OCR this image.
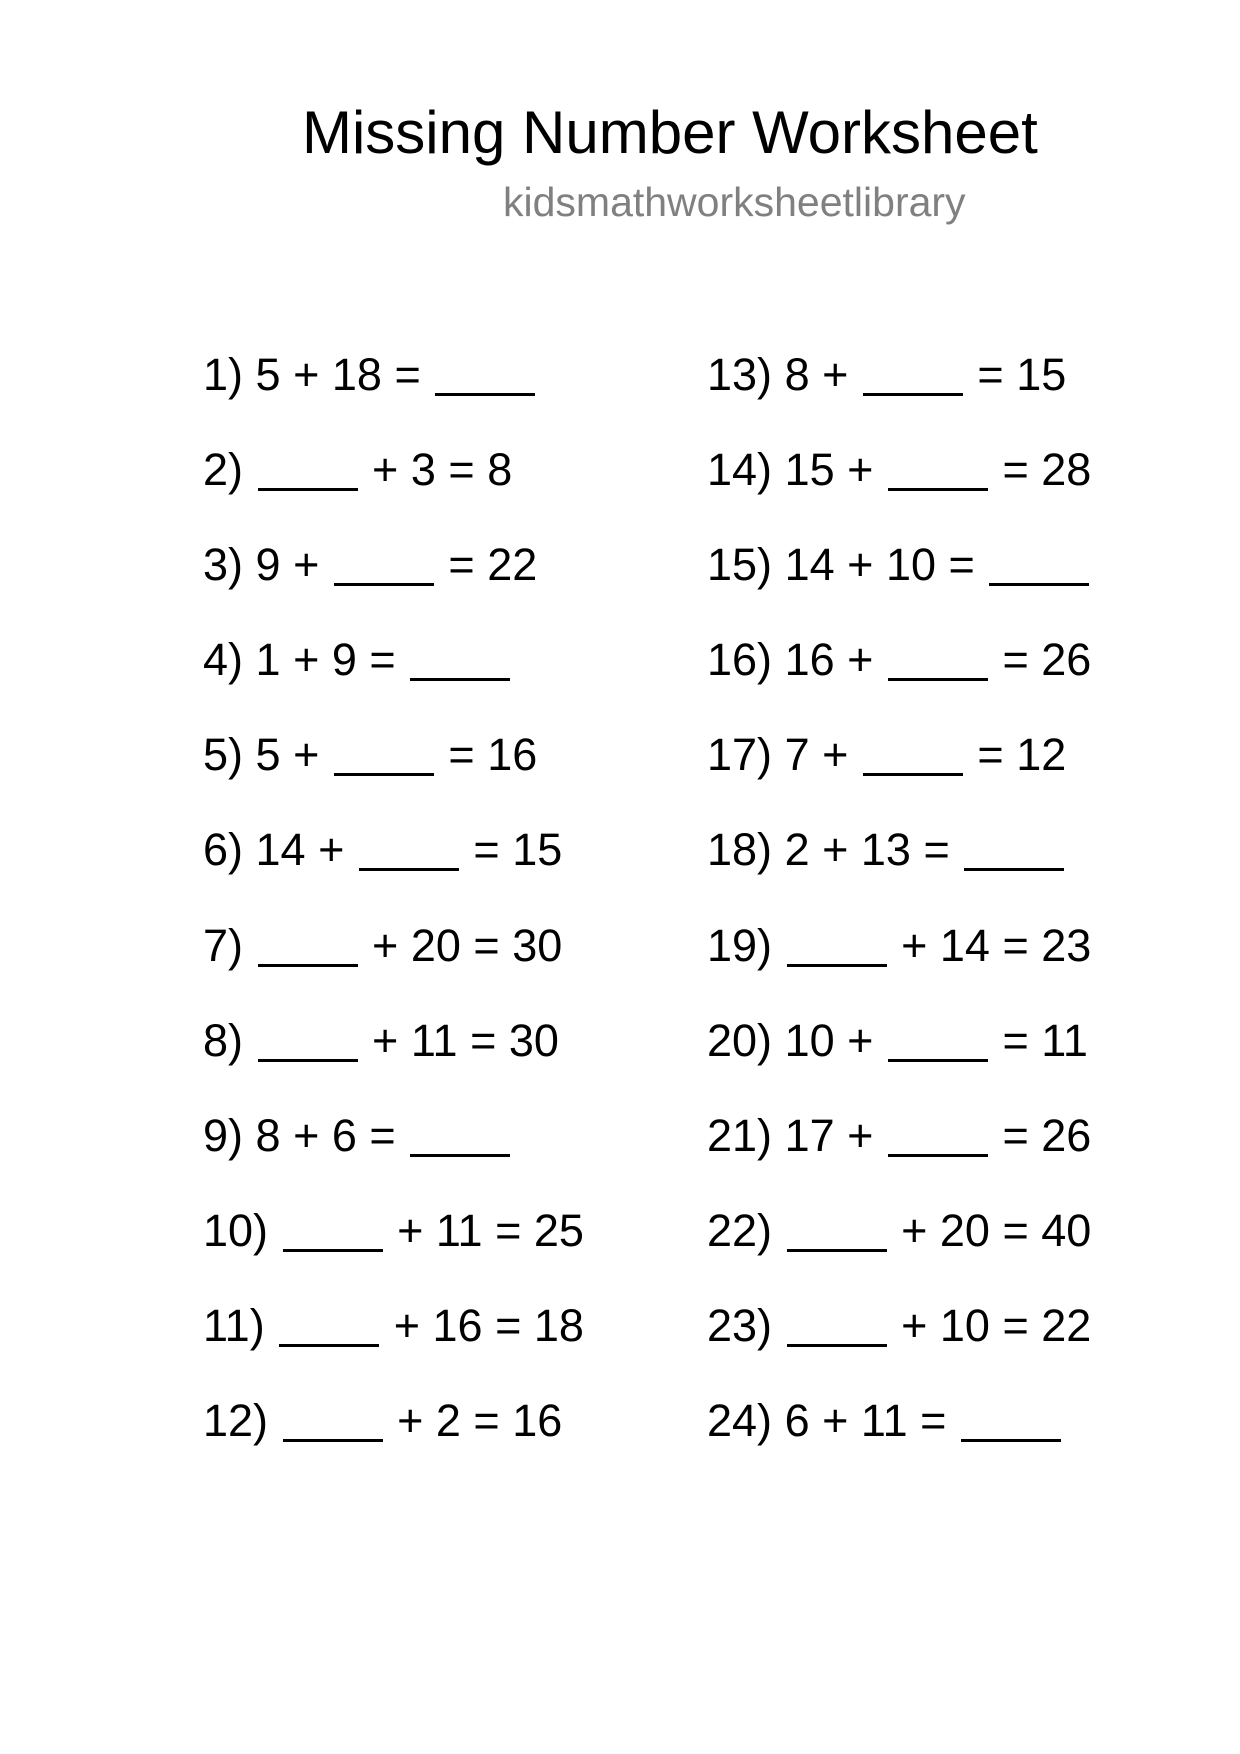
Missing Number Worksheet
kidsmathworksheetlibrary
1) 5 + 18 =
2)	+ 3 = 8
3) 9 +	= 22
4) 1 + 9 =
5) 5 +	= 16
6) 14 +	= 15
7)	+ 20 = 30
8)	+ 11 = 30
9) 8 + 6 =
10)	+ 11 = 25
11)	+ 16 = 18
12)	+ 2 = 16
13) 8 +	= 15
14) 15 +	= 28
15) 14 + 10 =
16) 16 +	= 26
17) 7 +	= 12
18) 2 + 13 =
19)	+ 14 = 23
20) 10 +	= 11
21) 17 +	= 26
22)	+ 20 = 40
23)	+ 10 = 22
24) 6 + 11 =
